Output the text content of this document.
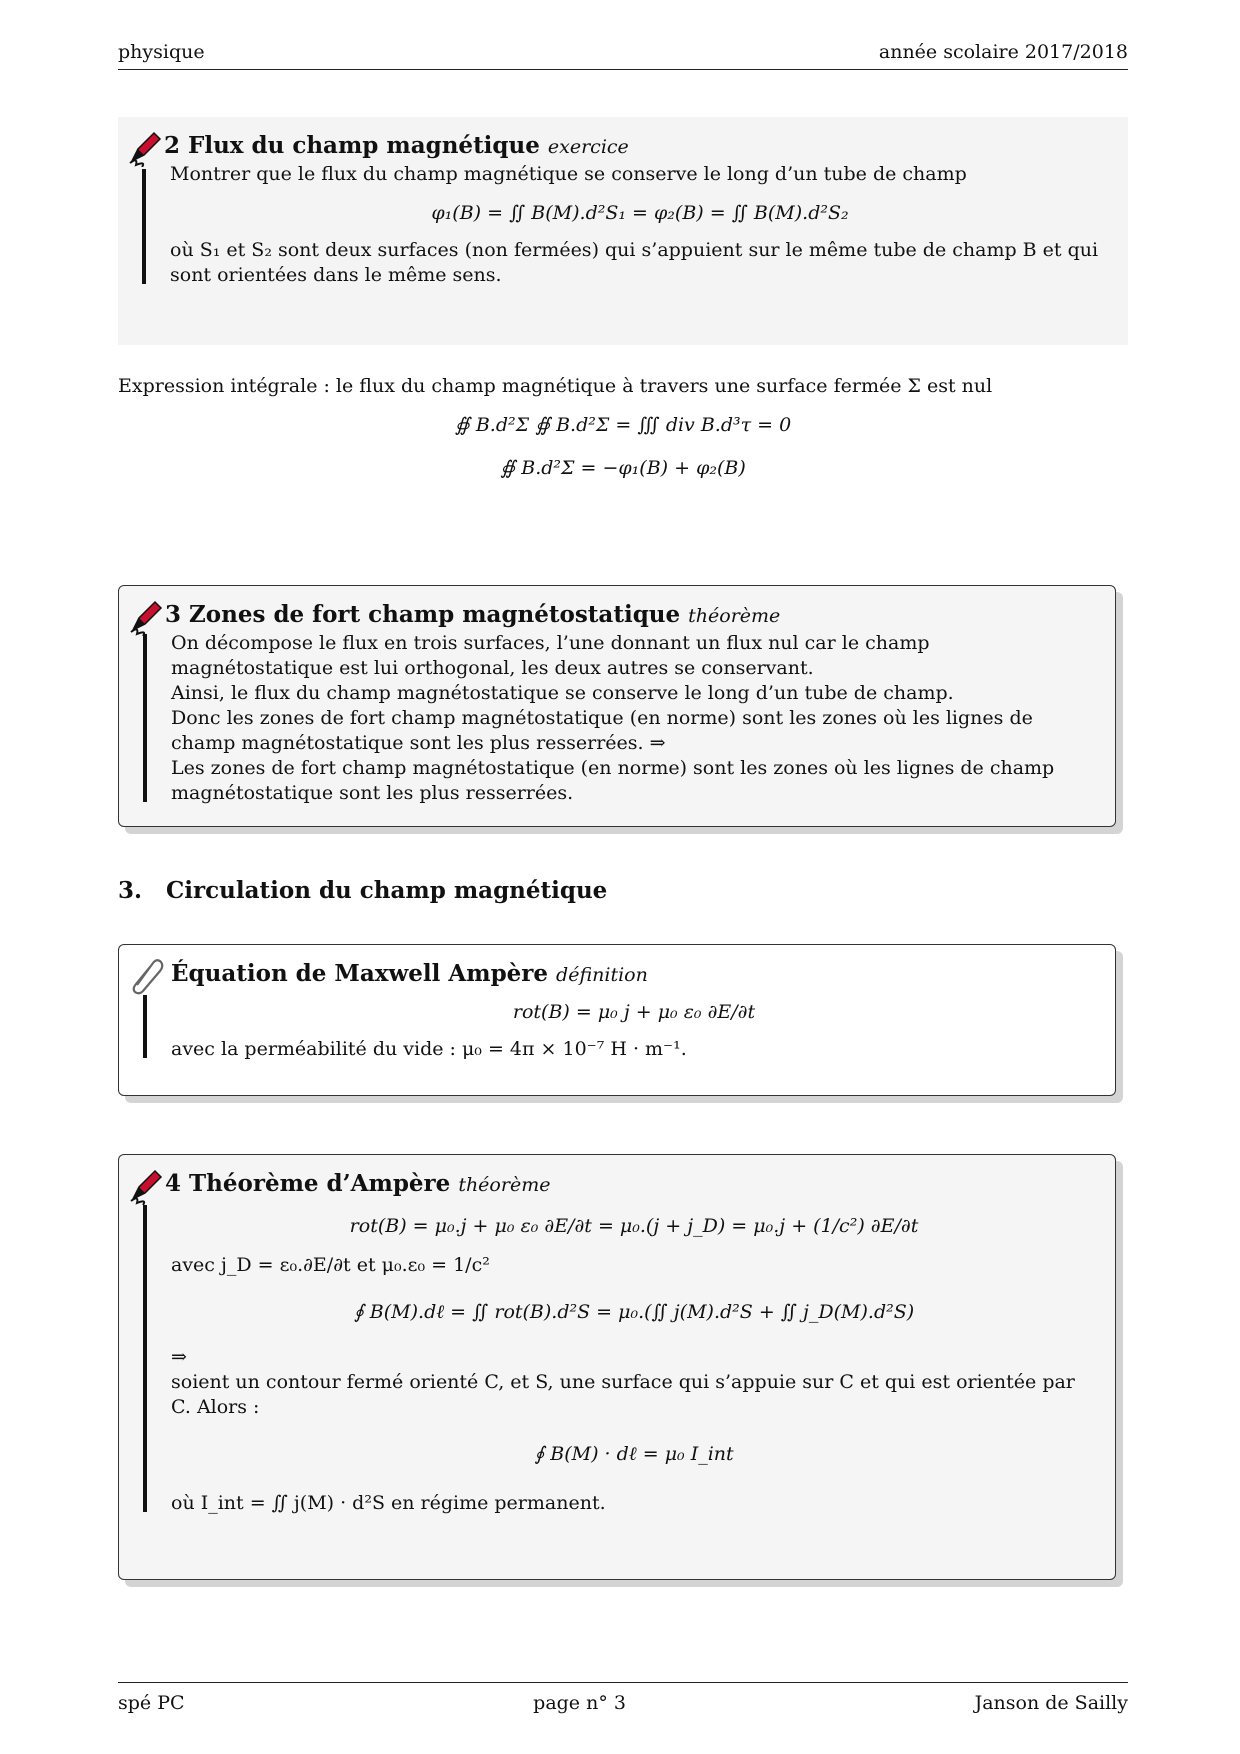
physique	année scolaire 2017/2018
2 Flux du champ magnétique exercice

Montrer que le flux du champ magnétique se conserve le long d’un tube de champ

φ₁(B) = ∬ B(M).d²S₁ = φ₂(B) = ∬ B(M).d²S₂

où S₁ et S₂ sont deux surfaces (non fermées) qui s’appuient sur le même tube de champ B et qui sont orientées dans le même sens.

Expression intégrale : le flux du champ magnétique à travers une surface fermée Σ est nul

∯ B.d²Σ ∯ B.d²Σ = ∭ div B.d³τ = 0
∯ B.d²Σ = −φ₁(B) + φ₂(B)
3 Zones de fort champ magnétostatique théorème

On décompose le flux en trois surfaces, l’une donnant un flux nul car le champ magnétostatique est lui orthogonal, les deux autres se conservant.

Ainsi, le flux du champ magnétostatique se conserve le long d’un tube de champ.

Donc les zones de fort champ magnétostatique (en norme) sont les zones où les lignes de champ magnétostatique sont les plus resserrées. ⇒

Les zones de fort champ magnétostatique (en norme) sont les zones où les lignes de champ magnétostatique sont les plus resserrées.

3. Circulation du champ magnétique
Équation de Maxwell Ampère définition
rot(B) = μ₀ j + μ₀ ε₀ ∂E/∂t

avec la perméabilité du vide : μ₀ = 4π × 10⁻⁷ H · m⁻¹.

4 Théorème d’Ampère théorème
rot(B) = μ₀.j + μ₀ ε₀ ∂E/∂t = μ₀.(j + j_D) = μ₀.j + (1/c²) ∂E/∂t

avec j_D = ε₀.∂E/∂t et μ₀.ε₀ = 1/c²

∮ B(M).dℓ = ∬ rot(B).d²S = μ₀.(∬ j(M).d²S + ∬ j_D(M).d²S)

⇒

soient un contour fermé orienté C, et S, une surface qui s’appuie sur C et qui est orientée par C. Alors :

∮ B(M) · dℓ = μ₀ I_int

où I_int = ∬ j(M) · d²S en régime permanent.

spé PC	page n° 3	Janson de Sailly
